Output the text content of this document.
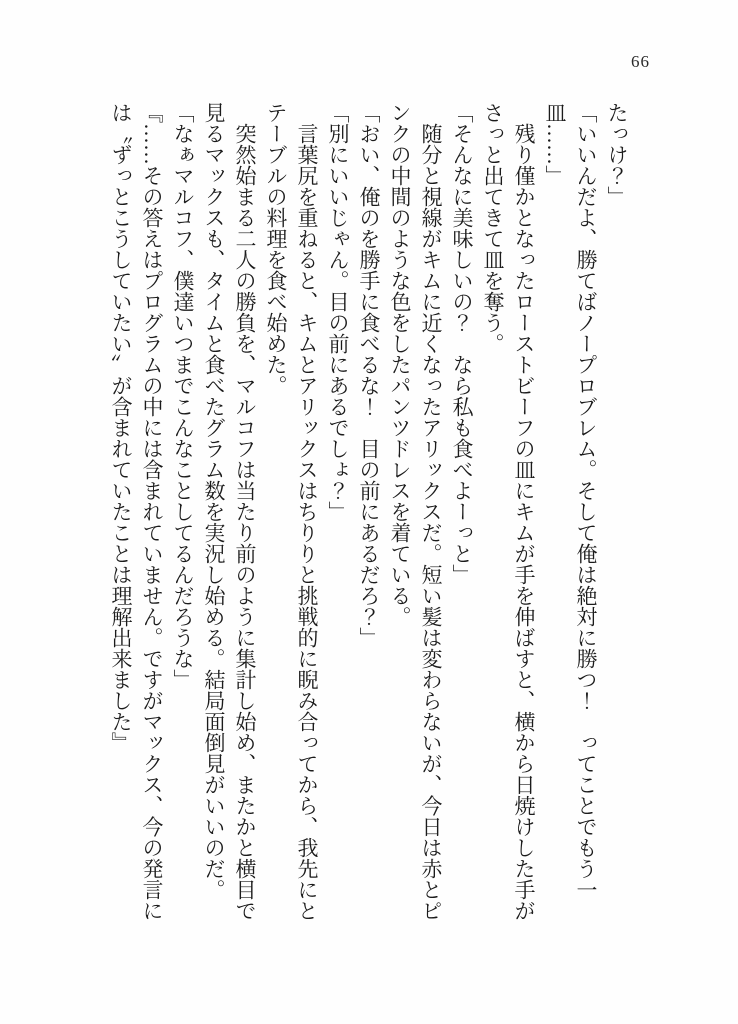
66

たっけ？」

「いいんだよ、勝てばノープロブレム。そして俺は絶対に勝つ！　ってことでもう一皿……」

残り僅かとなったローストビーフの皿にキムが手を伸ばすと、横から日焼けした手がさっと出てきて皿を奪う。

「そんなに美味しいの？　なら私も食べよーっと」

随分と視線がキムに近くなったアリックスだ。短い髪は変わらないが、今日は赤とピンクの中間のような色をしたパンツドレスを着ている。

「おい、俺のを勝手に食べるな！　目の前にあるだろ？」

「別にいいじゃん。目の前にあるでしょ？」

言葉尻を重ねると、キムとアリックスはちりりと挑戦的に睨み合ってから、我先にとテーブルの料理を食べ始めた。

突然始まる二人の勝負を、マルコフは当たり前のように集計し始め、またかと横目で見るマックスも、タイムと食べたグラム数を実況し始める。結局面倒見がいいのだ。

「なぁマルコフ、僕達いつまでこんなことしてるんだろうな」

『……その答えはプログラムの中には含まれていません。ですがマックス、今の発言には〝ずっとこうしていたい〟が含まれていたことは理解出来ました』
